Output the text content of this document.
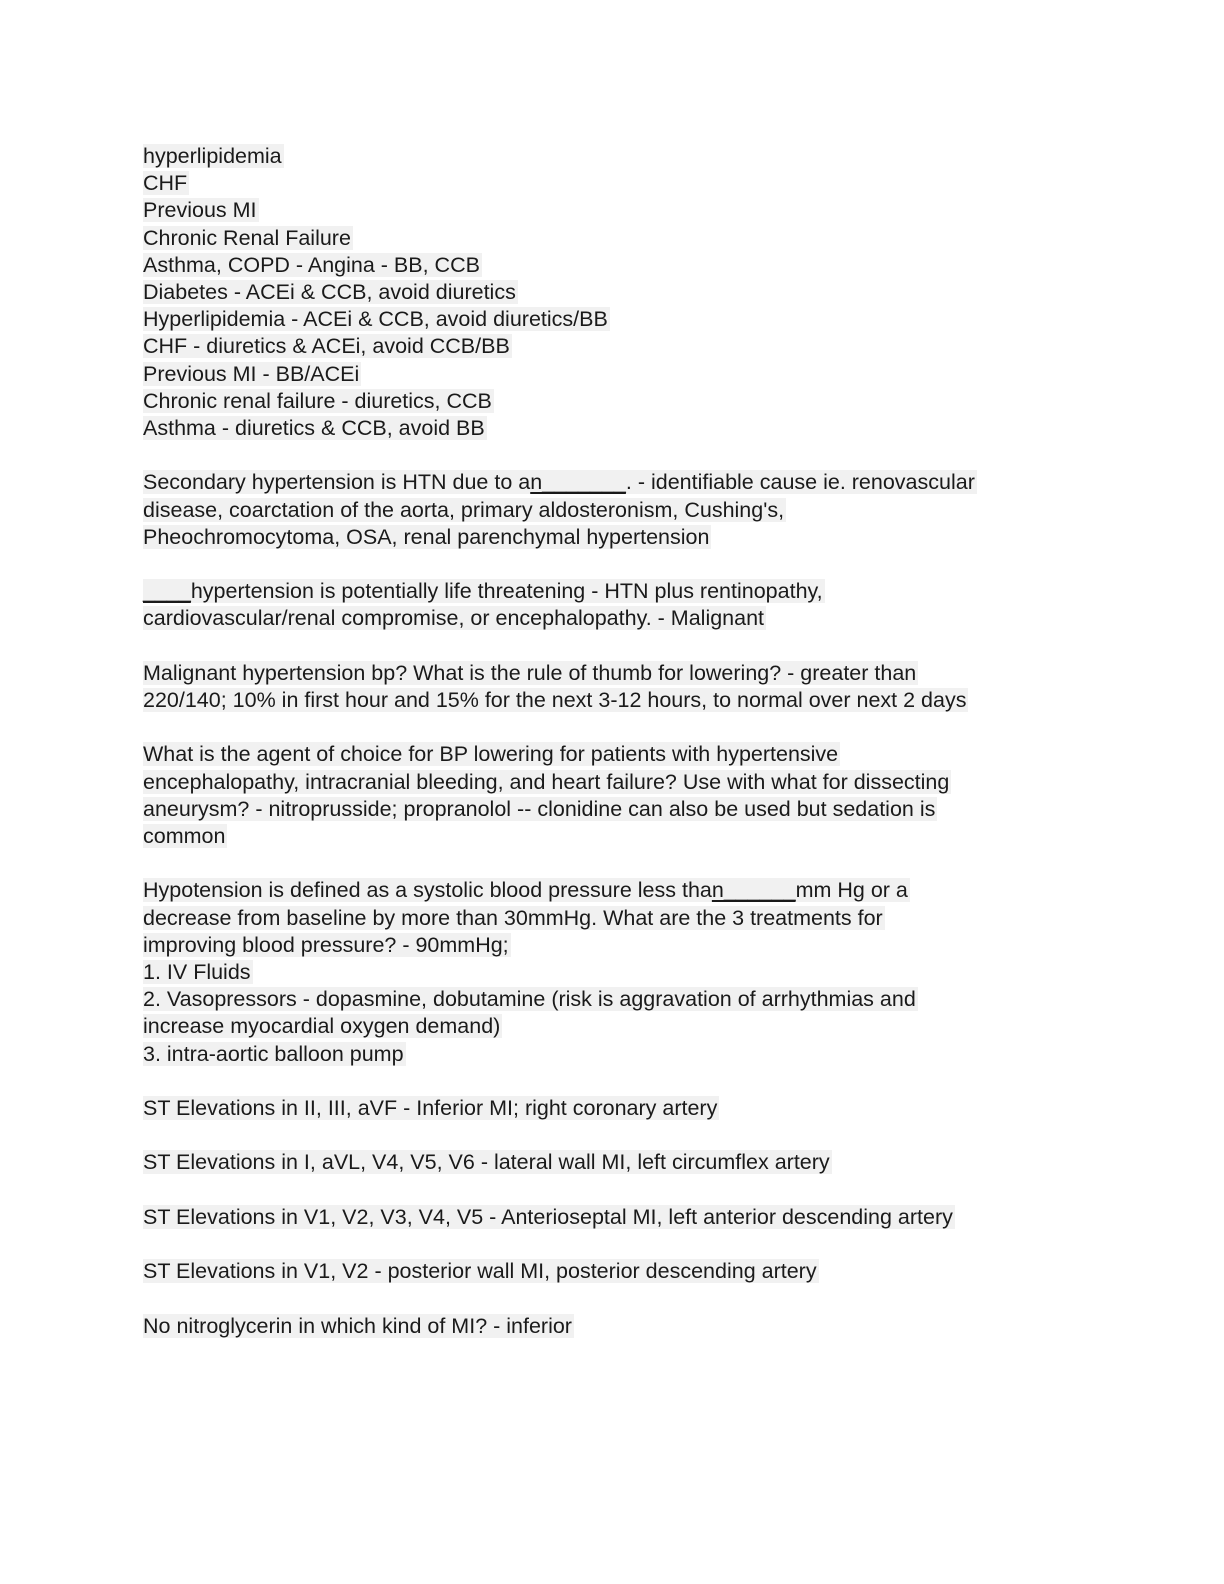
hyperlipidemia
CHF
Previous MI
Chronic Renal Failure
Asthma, COPD - Angina - BB, CCB
Diabetes - ACEi & CCB, avoid diuretics
Hyperlipidemia - ACEi & CCB, avoid diuretics/BB
CHF - diuretics & ACEi, avoid CCB/BB
Previous MI - BB/ACEi
Chronic renal failure - diuretics, CCB
Asthma - diuretics & CCB, avoid BB
Secondary hypertension is HTN due to an_______. - identifiable cause ie. renovascular
disease, coarctation of the aorta, primary aldosteronism, Cushing's,
Pheochromocytoma, OSA, renal parenchymal hypertension
____hypertension is potentially life threatening - HTN plus rentinopathy,
cardiovascular/renal compromise, or encephalopathy. - Malignant
Malignant hypertension bp? What is the rule of thumb for lowering? - greater than
220/140; 10% in first hour and 15% for the next 3-12 hours, to normal over next 2 days
What is the agent of choice for BP lowering for patients with hypertensive
encephalopathy, intracranial bleeding, and heart failure? Use with what for dissecting
aneurysm? - nitroprusside; propranolol -- clonidine can also be used but sedation is
common
Hypotension is defined as a systolic blood pressure less than______mm Hg or a
decrease from baseline by more than 30mmHg. What are the 3 treatments for
improving blood pressure? - 90mmHg;
1. IV Fluids
2. Vasopressors - dopasmine, dobutamine (risk is aggravation of arrhythmias and
increase myocardial oxygen demand)
3. intra-aortic balloon pump
ST Elevations in II, III, aVF - Inferior MI; right coronary artery
ST Elevations in I, aVL, V4, V5, V6 - lateral wall MI, left circumflex artery
ST Elevations in V1, V2, V3, V4, V5 - Anterioseptal MI, left anterior descending artery
ST Elevations in V1, V2 - posterior wall MI, posterior descending artery
No nitroglycerin in which kind of MI? - inferior
